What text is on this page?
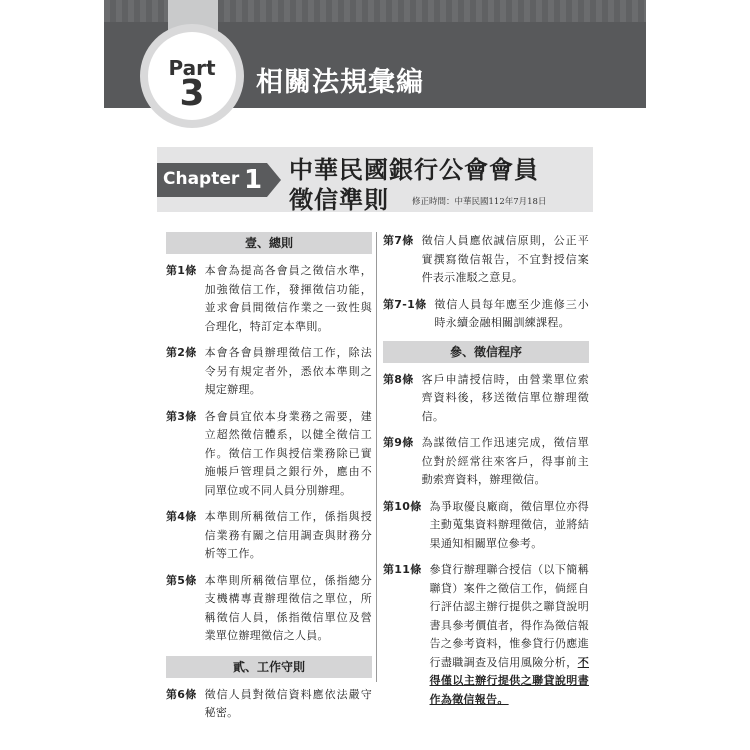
Part
3	相關法規彙編
Chapter 1 中華民國銀行公會會員
徵信準則	修正時間：中華民國112年7月18日
壹、總則
第1條 本會為提高各會員之徵信水準，加強徵信工作，發揮徵信功能，並求會員間徵信作業之一致性與合理化，特訂定本準則。
第2條 本會各會員辦理徵信工作，除法令另有規定者外，悉依本準則之規定辦理。
第3條 各會員宜依本身業務之需要，建立超然徵信體系，以健全徵信工作。徵信工作與授信業務除已實施帳戶管理員之銀行外，應由不同單位或不同人員分別辦理。
第4條 本準則所稱徵信工作，係指與授信業務有關之信用調查與財務分析等工作。
第5條 本準則所稱徵信單位，係指總分支機構專責辦理徵信之單位，所稱徵信人員，係指徵信單位及營業單位辦理徵信之人員。
貳、工作守則
第6條 徵信人員對徵信資料應依法嚴守秘密。
第7條 徵信人員應依誠信原則，公正平實撰寫徵信報告，不宜對授信案件表示准駁之意見。
第7-1條 徵信人員每年應至少進修三小時永續金融相關訓練課程。
參、徵信程序
第8條 客戶申請授信時，由營業單位索齊資料後，移送徵信單位辦理徵信。
第9條 為謀徵信工作迅速完成，徵信單位對於經常往來客戶，得事前主動索齊資料，辦理徵信。
第10條 為爭取優良廠商，徵信單位亦得主動蒐集資料辦理徵信，並將結果通知相關單位參考。
第11條 參貸行辦理聯合授信（以下簡稱聯貸）案件之徵信工作，倘經自行評估認主辦行提供之聯貸說明書具參考價值者，得作為徵信報告之參考資料，惟參貸行仍應進行盡職調查及信用風險分析，不得僅以主辦行提供之聯貸說明書作為徵信報告。
